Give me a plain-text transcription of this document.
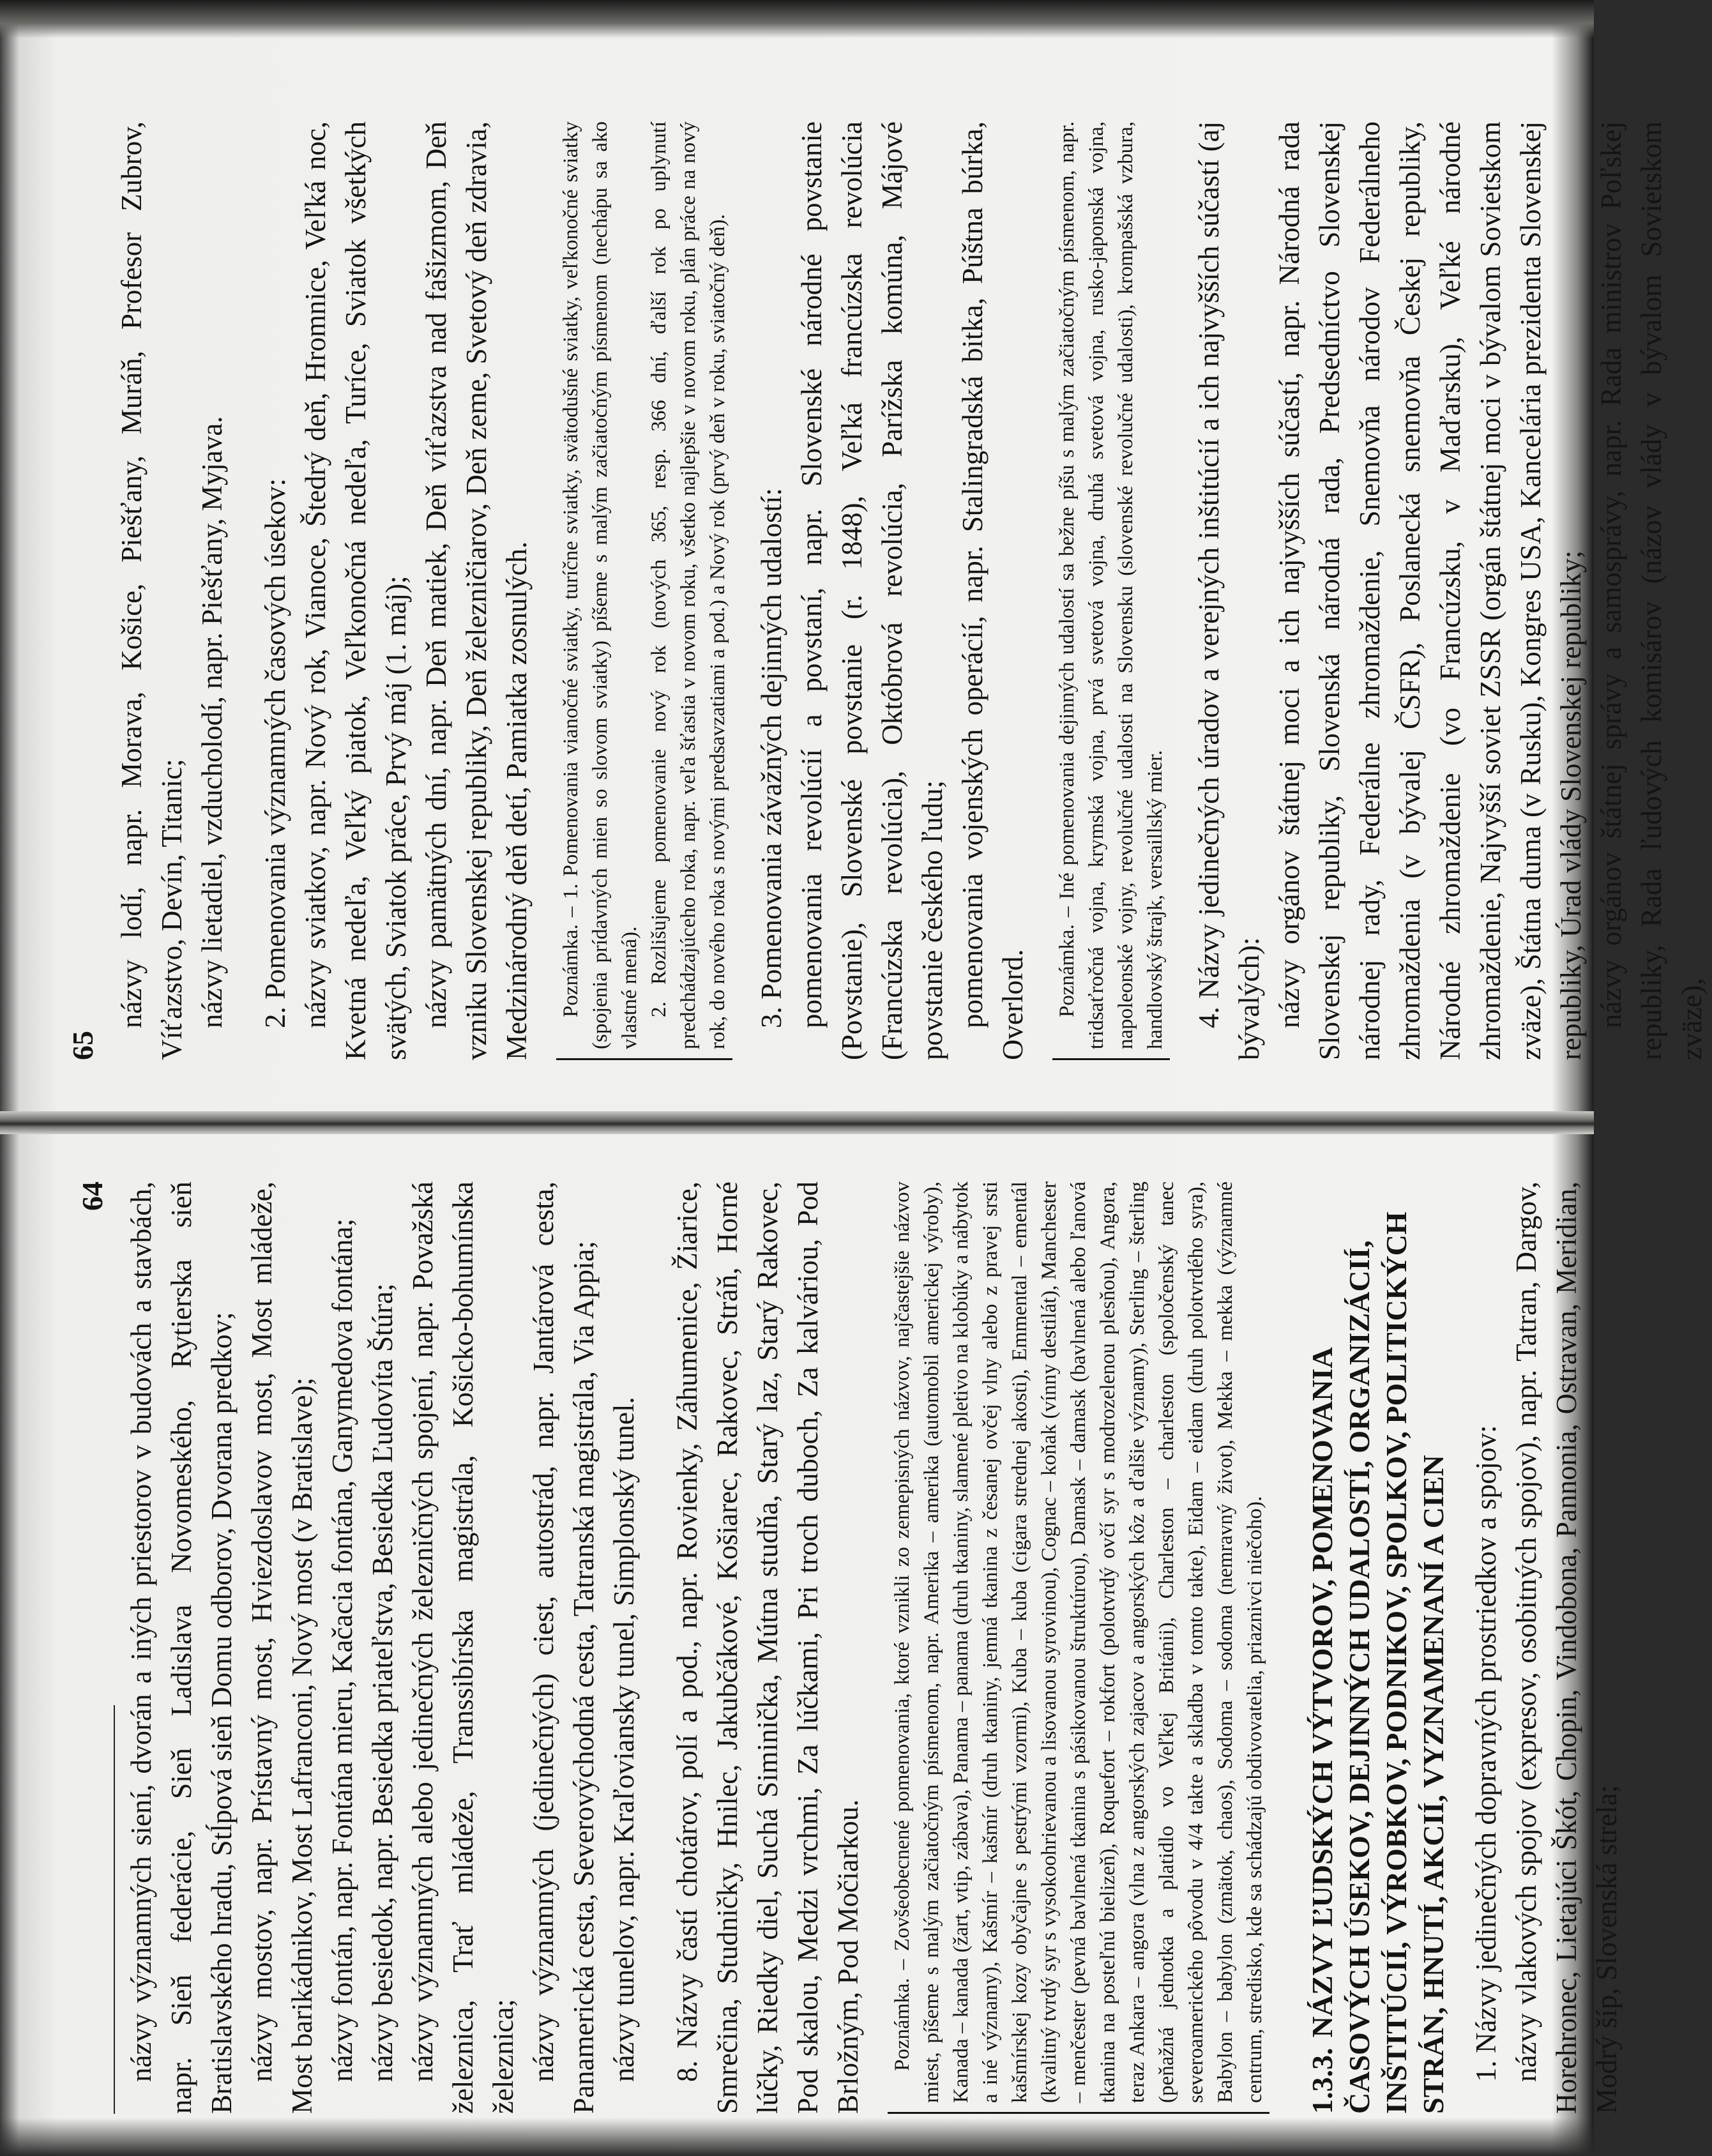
64 názvy významných siení, dvorán a iných priestorov v budovách a stavbách, napr. Sieň federácie, Sieň Ladislava Novomeského, Rytierska sieň Bratislavského hradu, Stĺpová sieň Domu odborov, Dvorana predkov; názvy mostov, napr. Prístavný most, Hviezdoslavov most, Most mládeže, Most barikádnikov, Most Lafranconi, Nový most (v Bratislave); názvy fontán, napr. Fontána mieru, Kačacia fontána, Ganymedova fontána; názvy besiedok, napr. Besiedka priateľstva, Besiedka Ľudovíta Štúra; názvy významných alebo jedinečných železničných spojení, napr. Považská železnica, Trať mládeže, Transsibírska magistrála, Košicko-bohumínska železnica; názvy významných (jedinečných) ciest, autostrád, napr. Jantárová cesta, Panamerická cesta, Severovýchodná cesta, Tatranská magistrála, Via Appia; názvy tunelov, napr. Kraľoviansky tunel, Simplonský tunel. 8. Názvy častí chotárov, polí a pod., napr. Rovienky, Záhumenice, Žiarice, Smrečina, Studničky, Hnilec, Jakubčákové, Košiarec, Rakovec, Stráň, Horné lúčky, Riedky diel, Suchá Siminička, Mútna studňa, Starý laz, Starý Rakovec, Pod skalou, Medzi vrchmi, Za lúčkami, Pri troch duboch, Za kalváriou, Pod Brložným, Pod Močiarkou. Poznámka. – Zovšeobecnené pomenovania, ktoré vznikli zo zemepisných názvov, najčastejšie názvov miest, píšeme s malým začiatočným písmenom, napr. Amerika – amerika (automobil americkej výroby), Kanada – kanada (žart, vtip, zábava), Panama – panama (druh tkaniny, slamené pletivo na klobúky a nábytok a iné významy), Kašmír – kašmír (druh tkaniny, jemná tkanina z česanej ovčej vlny alebo z pravej srsti kašmírskej kozy obyčajne s pestrými vzormi), Kuba – kuba (cigara strednej akosti), Emmental – ementál (kvalitný tvrdý syr s vysokoohrievanou a lisovanou syrovinou), Cognac – koňak (vínny destilát), Manchester – menčester (pevná bavlnená tkanina s pásikovanou štruktúrou), Damask – damask (bavlnená alebo ľanová tkanina na posteľnú bielizeň), Roquefort – rokfort (polotvrdý ovčí syr s modrozelenou plesňou), Angora, teraz Ankara – angora (vlna z angorských zajacov a angorských kôz a ďalšie významy), Sterling – šterling (peňažná jednotka a platidlo vo Veľkej Británii), Charleston – charleston (spoločenský tanec severoamerického pôvodu v 4/4 takte a skladba v tomto takte), Eidam – eidam (druh polotvrdého syra), Babylon – babylon (zmätok, chaos), Sodoma – sodoma (nemravný život), Mekka – mekka (významné centrum, stredisko, kde sa schádzajú obdivovatelia, priaznivci niečoho). 1.3.3.NÁZVY ĽUDSKÝCH VÝTVOROV, POMENOVANIA ČASOVÝCH ÚSEKOV, DEJINNÝCH UDALOSTÍ, ORGANIZÁCIÍ, INŠTITÚCIÍ, VÝROBKOV, PODNIKOV, SPOLKOV, POLITICKÝCH STRÁN, HNUTÍ, AKCIÍ, VYZNAMENANÍ A CIEN 1. Názvy jedinečných dopravných prostriedkov a spojov: názvy vlakových spojov (expresov, osobitných spojov), napr. Tatran, Dargov, Horehronec, Lietajúci Škót, Chopin, Vindobona, Pannonia, Ostravan, Meridian, Modrý šíp, Slovenská strela;

65

názvy lodí, napr. Morava, Košice, Piešťany, Muráň, Profesor Zubrov, Víťazstvo, Devín, Titanic; názvy lietadiel, vzducholodí, napr. Piešťany, Myjava. 2. Pomenovania významných časových úsekov: názvy sviatkov, napr. Nový rok, Vianoce, Štedrý deň, Hromnice, Veľká noc, Kvetná nedeľa, Veľký piatok, Veľkonočná nedeľa, Turíce, Sviatok všetkých svätých, Sviatok práce, Prvý máj (1. máj); názvy pamätných dní, napr. Deň matiek, Deň víťazstva nad fašizmom, Deň vzniku Slovenskej republiky, Deň železničiarov, Deň zeme, Svetový deň zdravia, Medzinárodný deň detí, Pamiatka zosnulých. Poznámka. – 1. Pomenovania vianočné sviatky, turíčne sviatky, svätodušné sviatky, veľkonočné sviatky (spojenia prídavných mien so slovom sviatky) píšeme s malým začiatočným písmenom (nechápu sa ako vlastné mená). 2. Rozlišujeme pomenovanie nový rok (nových 365, resp. 366 dní, ďalší rok po uplynutí predchádzajúceho roka, napr. veľa šťastia v novom roku, všetko najlepšie v novom roku, plán práce na nový rok, do nového roka s novými predsavzatiami a pod.) a Nový rok (prvý deň v roku, sviatočný deň). 3. Pomenovania závažných dejinných udalostí: pomenovania revolúcií a povstaní, napr. Slovenské národné povstanie (Povstanie), Slovenské povstanie (r. 1848), Veľká francúzska revolúcia (Francúzska revolúcia), Októbrová revolúcia, Parížska komúna, Májové povstanie českého ľudu; pomenovania vojenských operácií, napr. Stalingradská bitka, Púštna búrka, Overlord. Poznámka. – Iné pomenovania dejinných udalostí sa bežne píšu s malým začiatočným písmenom, napr. tridsaťročná vojna, krymská vojna, prvá svetová vojna, druhá svetová vojna, rusko-japonská vojna, napoleonské vojny, revolučné udalosti na Slovensku (slovenské revolučné udalosti), krompašská vzbura, handlovský štrajk, versaillský mier. 4. Názvy jedinečných úradov a verejných inštitúcií a ich najvyšších súčastí (aj bývalých): názvy orgánov štátnej moci a ich najvyšších súčastí, napr. Národná rada Slovenskej republiky, Slovenská národná rada, Predsedníctvo Slovenskej národnej rady, Federálne zhromaždenie, Snemovňa národov Federálneho zhromaždenia (v bývalej ČSFR), Poslanecká snemovňa Českej republiky, Národné zhromaždenie (vo Francúzsku, v Maďarsku), Veľké národné zhromaždenie, Najvyšší soviet ZSSR (orgán štátnej moci v bývalom Sovietskom zväze), Štátna duma (v Rusku), Kongres USA, Kancelária prezidenta Slovenskej republiky, Úrad vlády Slovenskej republiky; názvy orgánov štátnej správy a samosprávy, napr. Rada ministrov Poľskej republiky, Rada ľudových komisárov (názov vlády v bývalom Sovietskom zväze),
